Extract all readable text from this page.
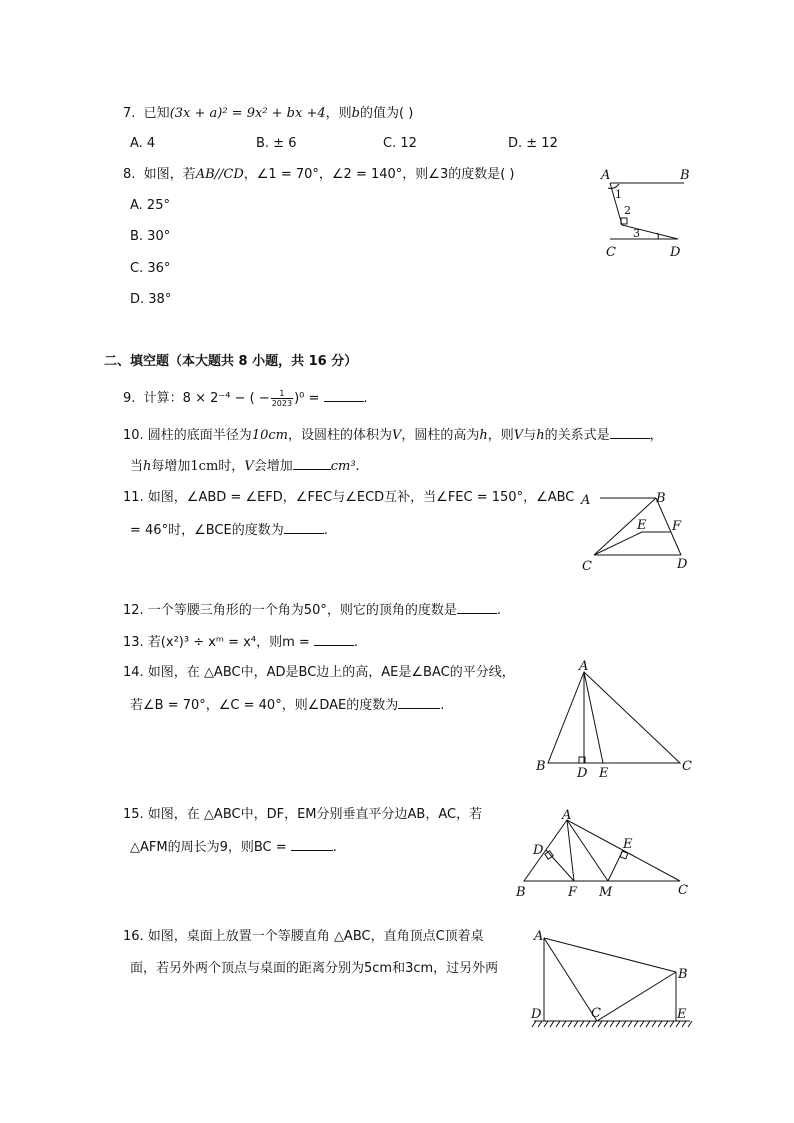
7. 已知(3x + a)² = 9x² + bx +4，则b的值为( )
A. 4	B. ± 6	C. 12	D. ± 12
8. 如图，若AB//CD，∠1 = 70°，∠2 = 140°，则∠3的度数是( )
A. 25°
B. 30°
C. 36°
D. 38°
A	B
C	D
1
2
3
二、填空题（本大题共 8 小题，共 16 分）
9. 计算：8 × 2⁻⁴ − ( − $\frac{1}{2023} )^0$ =	.
10. 圆柱的底面半径为10cm，设圆柱的体积为V，圆柱的高为h，则V与h的关系式是	，
当h每增加1cm时，V会增加	cm³.
11. 如图，∠ABD = ∠EFD，∠FEC与∠ECD互补，当∠FEC = 150°，∠ABC
= 46°时，∠BCE的度数为	.
A	B
C	D
E F
12. 一个等腰三角形的一个角为50°，则它的顶角的度数是	.
13. 若(x²)³ ÷ xᵐ = x⁴，则m =	.
14. 如图，在 △ABC中，AD是BC边上的高，AE是∠BAC的平分线，
若∠B = 70°，∠C = 40°，则∠DAE的度数为	.
A
B	C
D E
15. 如图，在 △ABC中，DF，EM分别垂直平分边AB，AC，若
△AFM的周长为9，则BC =	.
A
B	C
D	E
F M
16. 如图，桌面上放置一个等腰直角 △ABC，直角顶点C顶着桌
面，若另外两个顶点与桌面的距离分别为5cm和3cm，过另外两
A
B
C
D	E
